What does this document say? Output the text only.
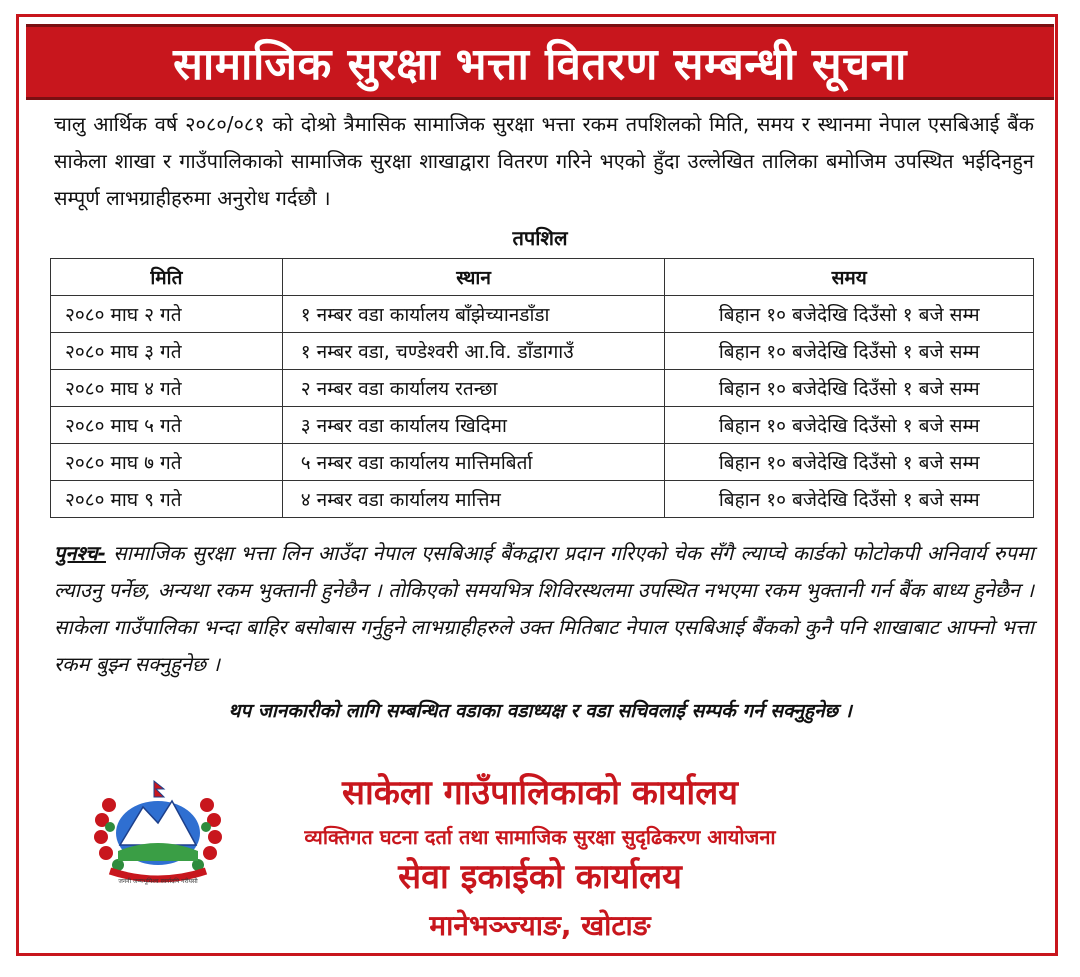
सामाजिक सुरक्षा भत्ता वितरण सम्बन्धी सूचना
चालु आर्थिक वर्ष २०८०/०८१ को दोश्रो त्रैमासिक सामाजिक सुरक्षा भत्ता रकम तपशिलको मिति, समय र स्थानमा नेपाल एसबिआई बैंक साकेला शाखा र गाउँपालिकाको सामाजिक सुरक्षा शाखाद्वारा वितरण गरिने भएको हुँदा उल्लेखित तालिका बमोजिम उपस्थित भईदिनहुन सम्पूर्ण लाभग्राहीहरुमा अनुरोध गर्दछौ ।
तपशिल
मिति	स्थान	समय
२०८० माघ २ गते	१ नम्बर वडा कार्यालय बाँझेच्यानडाँडा	बिहान १० बजेदेखि दिउँसो १ बजे सम्म
२०८० माघ ३ गते	१ नम्बर वडा, चण्डेश्वरी आ.वि. डाँडागाउँ	बिहान १० बजेदेखि दिउँसो १ बजे सम्म
२०८० माघ ४ गते	२ नम्बर वडा कार्यालय रतन्छा	बिहान १० बजेदेखि दिउँसो १ बजे सम्म
२०८० माघ ५ गते	३ नम्बर वडा कार्यालय खिदिमा	बिहान १० बजेदेखि दिउँसो १ बजे सम्म
२०८० माघ ७ गते	५ नम्बर वडा कार्यालय मात्तिमबिर्ता	बिहान १० बजेदेखि दिउँसो १ बजे सम्म
२०८० माघ ९ गते	४ नम्बर वडा कार्यालय मात्तिम	बिहान १० बजेदेखि दिउँसो १ बजे सम्म
पुनश्च- सामाजिक सुरक्षा भत्ता लिन आउँदा नेपाल एसबिआई बैंकद्वारा प्रदान गरिएको चेक सँगै ल्याप्चे कार्डको फोटोकपी अनिवार्य रुपमा ल्याउनु पर्नेछ, अन्यथा रकम भुक्तानी हुनेछैन । तोकिएको समयभित्र शिविरस्थलमा उपस्थित नभएमा रकम भुक्तानी गर्न बैंक बाध्य हुनेछैन । साकेला गाउँपालिका भन्दा बाहिर बसोबास गर्नुहुने लाभग्राहीहरुले उक्त मितिबाट नेपाल एसबिआई बैंकको कुनै पनि शाखाबाट आफ्नो भत्ता रकम बुझ्न सक्नुहुनेछ ।
थप जानकारीको लागि सम्बन्धित वडाका वडाध्यक्ष र वडा सचिवलाई सम्पर्क गर्न सक्नुहुनेछ ।
जननी जन्मभूमिश्च स्वर्गादपि गरीयसी
साकेला गाउँपालिकाको कार्यालय
व्यक्तिगत घटना दर्ता तथा सामाजिक सुरक्षा सुदृढिकरण आयोजना
सेवा इकाईको कार्यालय
मानेभञ्ज्याङ, खोटाङ
